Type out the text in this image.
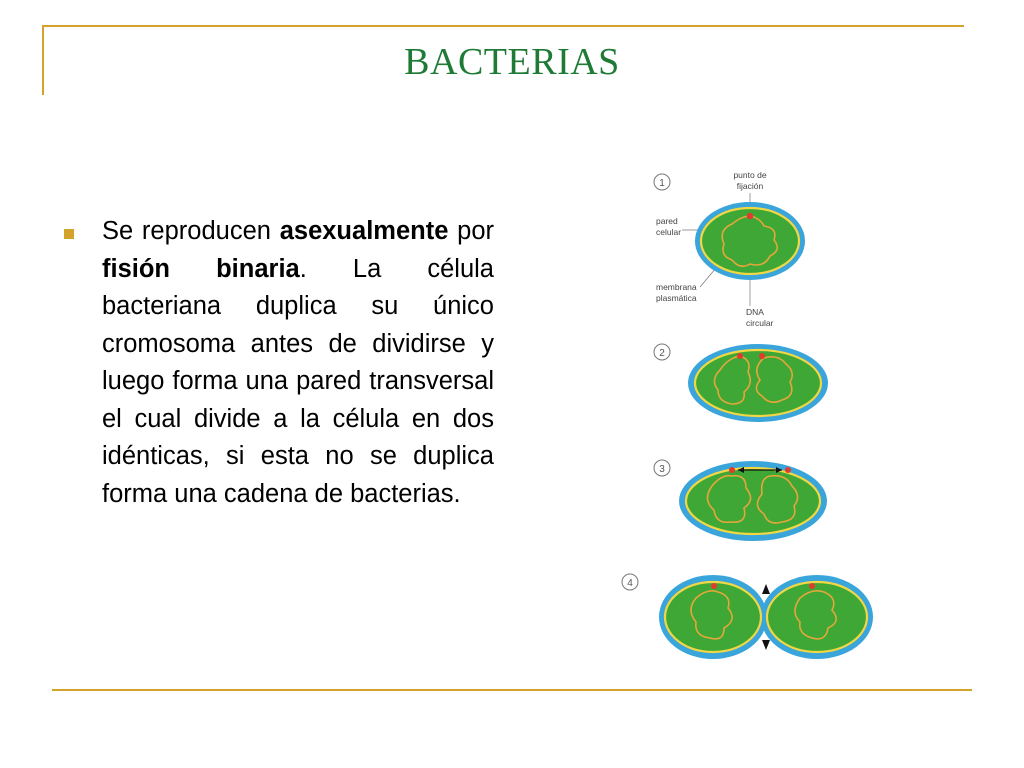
BACTERIAS
Se reproducen asexualmente por fisión binaria. La célula bacteriana duplica su único cromosoma antes de dividirse y luego forma una pared transversal el cual divide a la célula en dos idénticas, si esta no se duplica forma una cadena de bacterias.
1
punto de
fijación
pared
celular
membrana
plasmática
DNA
circular
2
3
4
